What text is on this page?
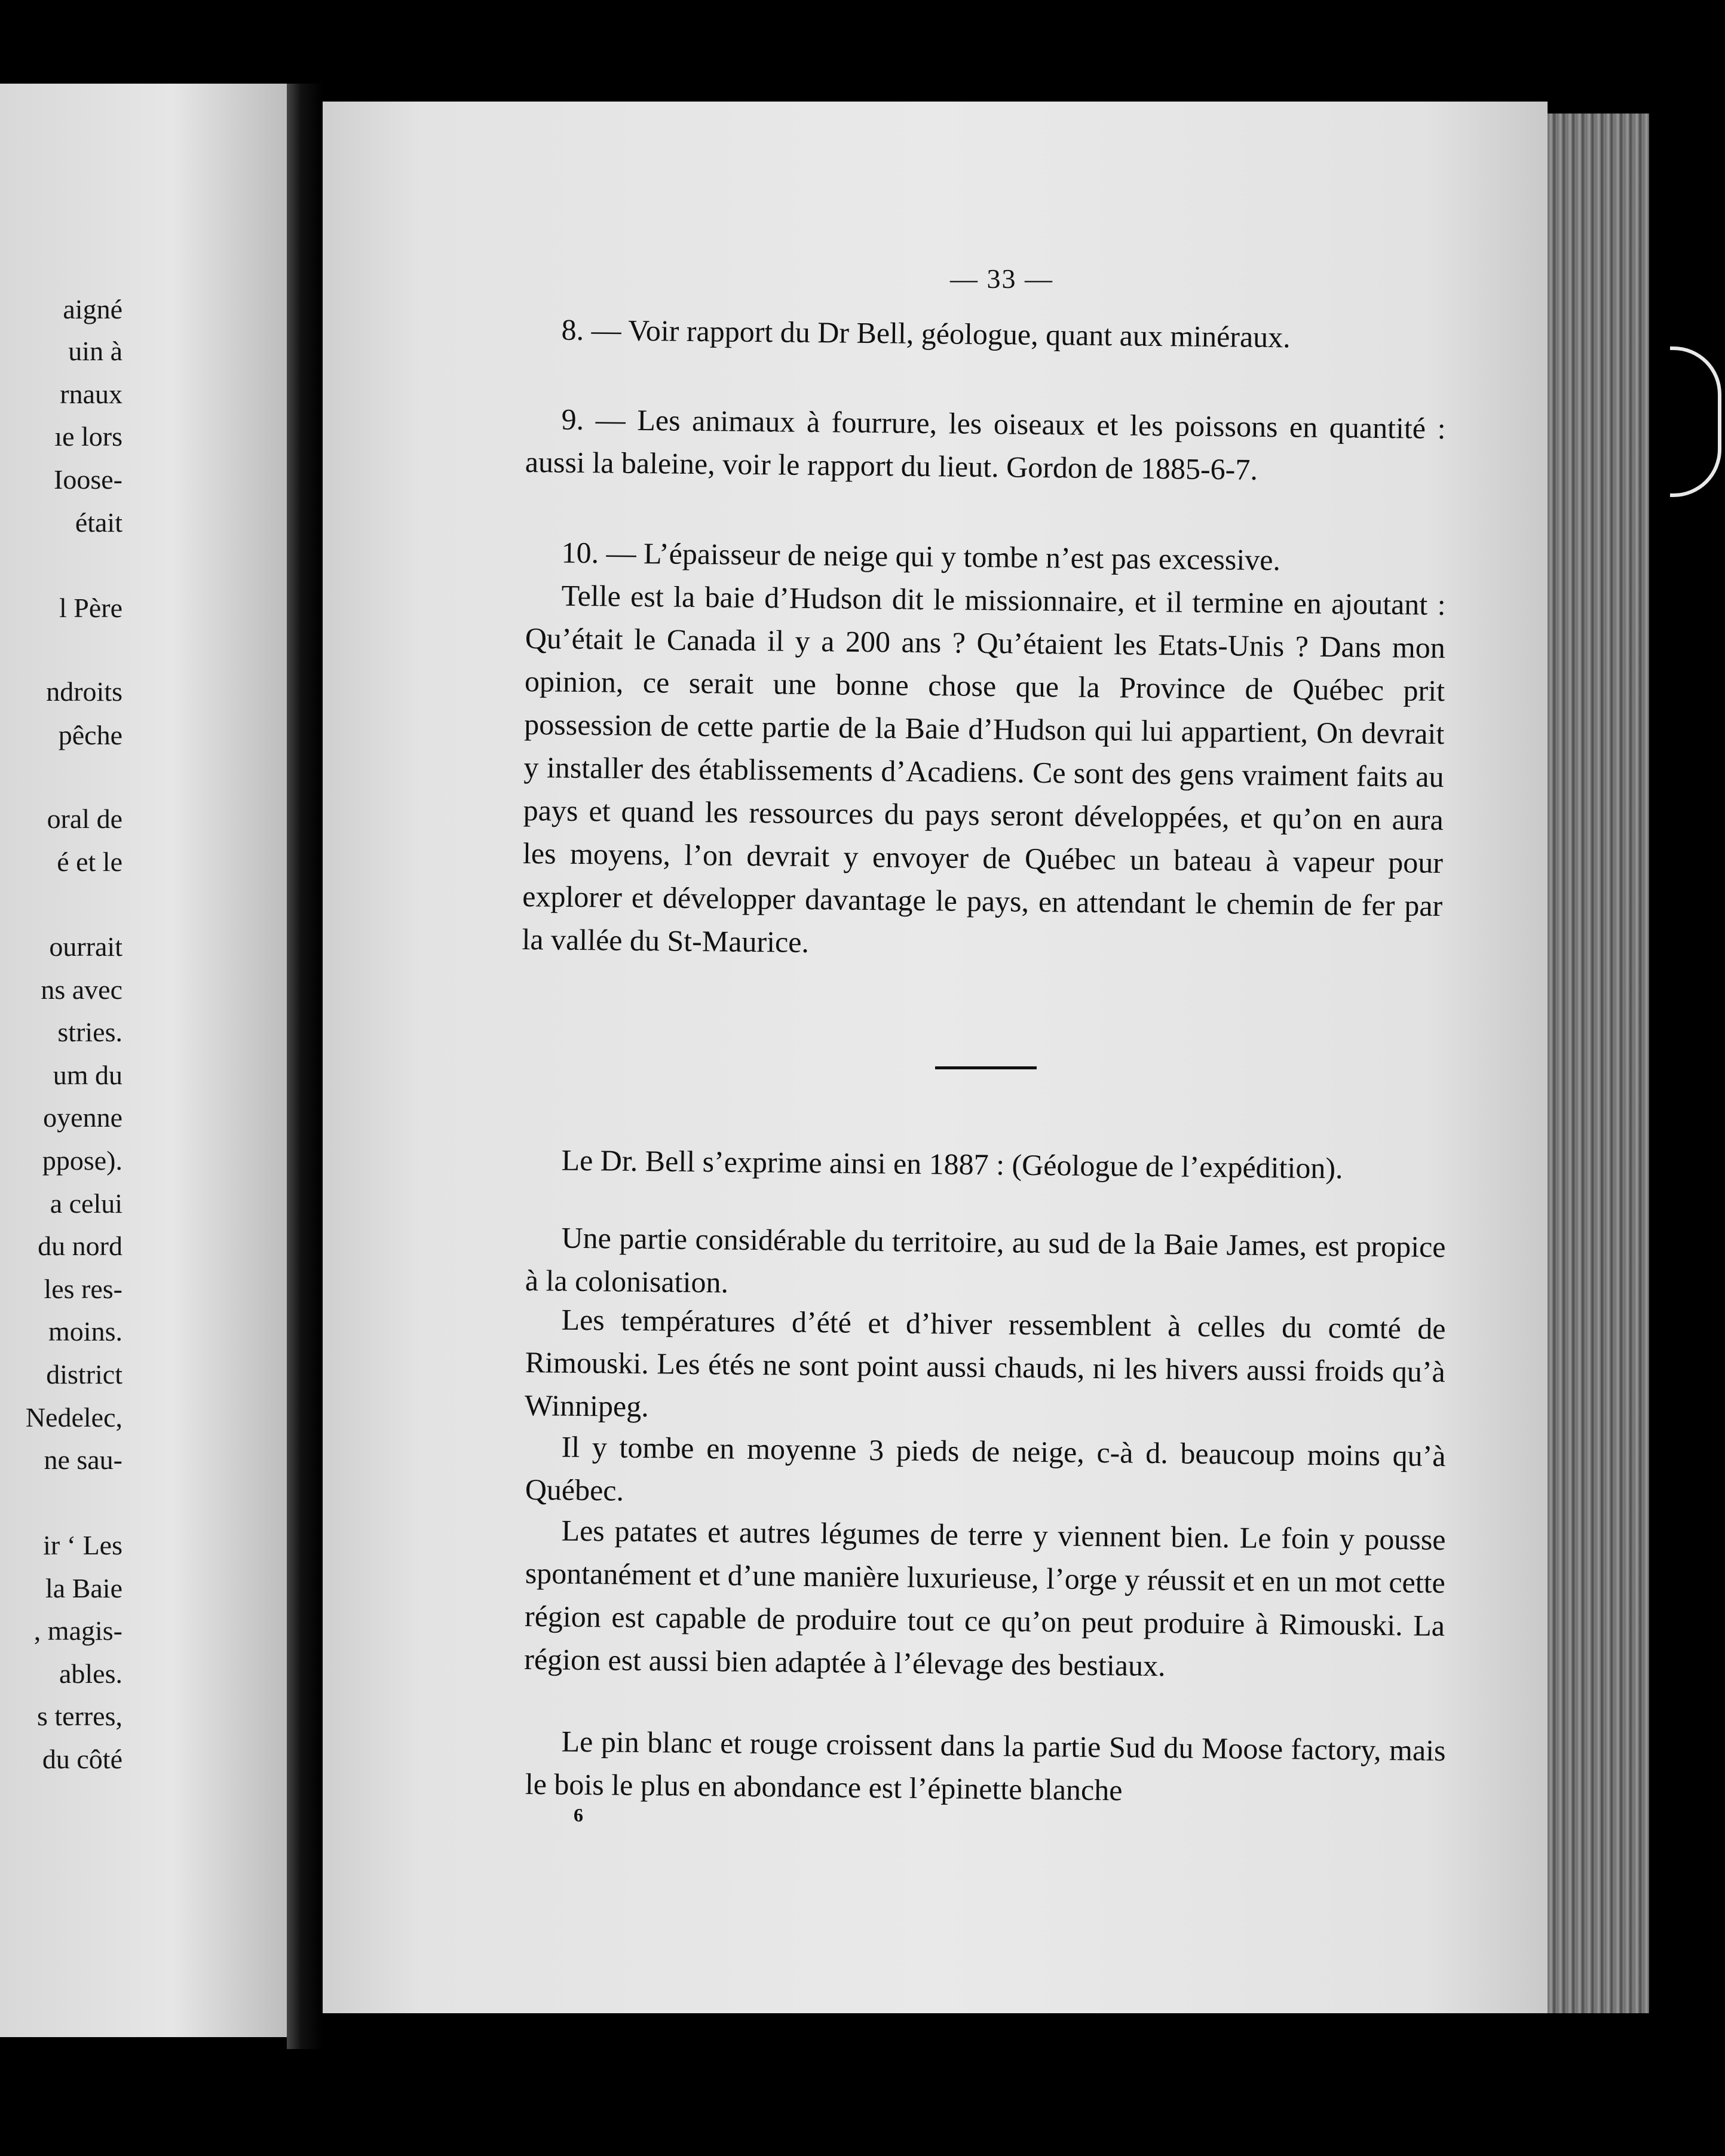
aigné
uin à
rnaux
ıe lors
Ioose-
était
l Père
ndroits
pêche
oral de
é et le
ourrait
ns avec
stries.
um du
oyenne
ppose).
a celui
du nord
les res-
moins.
district
Nedelec,
ne sau-
ir ‘ Les
la Baie
, magis-
ables.
s terres,
du côté
— 33 —

8. — Voir rapport du Dr Bell, géologue, quant aux minéraux.

9. — Les animaux à fourrure, les oiseaux et les poissons en quantité : aussi la baleine, voir le rapport du lieut. Gordon de 1885-6-7.

10. — L’épaisseur de neige qui y tombe n’est pas excessive.

Telle est la baie d’Hudson dit le missionnaire, et il termine en ajoutant : Qu’était le Canada il y a 200 ans ? Qu’étaient les Etats-Unis ? Dans mon opinion, ce serait une bonne chose que la Province de Québec prit possession de cette partie de la Baie d’Hudson qui lui appartient, On devrait y installer des établissements d’Acadiens. Ce sont des gens vraiment faits au pays et quand les ressources du pays seront développées, et qu’on en aura les moyens, l’on devrait y envoyer de Québec un bateau à vapeur pour explorer et développer davantage le pays, en attendant le chemin de fer par la vallée du St-Maurice.

Le Dr. Bell s’exprime ainsi en 1887 : (Géologue de l’expédition).

Une partie considérable du territoire, au sud de la Baie James, est propice à la colonisation.

Les températures d’été et d’hiver ressemblent à celles du comté de Rimouski. Les étés ne sont point aussi chauds, ni les hivers aussi froids qu’à Winnipeg.

Il y tombe en moyenne 3 pieds de neige, c-à d. beaucoup moins qu’à Québec.

Les patates et autres légumes de terre y viennent bien. Le foin y pousse spontanément et d’une manière luxurieuse, l’orge y réussit et en un mot cette région est capable de produire tout ce qu’on peut produire à Rimouski. La région est aussi bien adaptée à l’élevage des bestiaux.

Le pin blanc et rouge croissent dans la partie Sud du Moose factory, mais le bois le plus en abondance est l’épinette blanche

6
